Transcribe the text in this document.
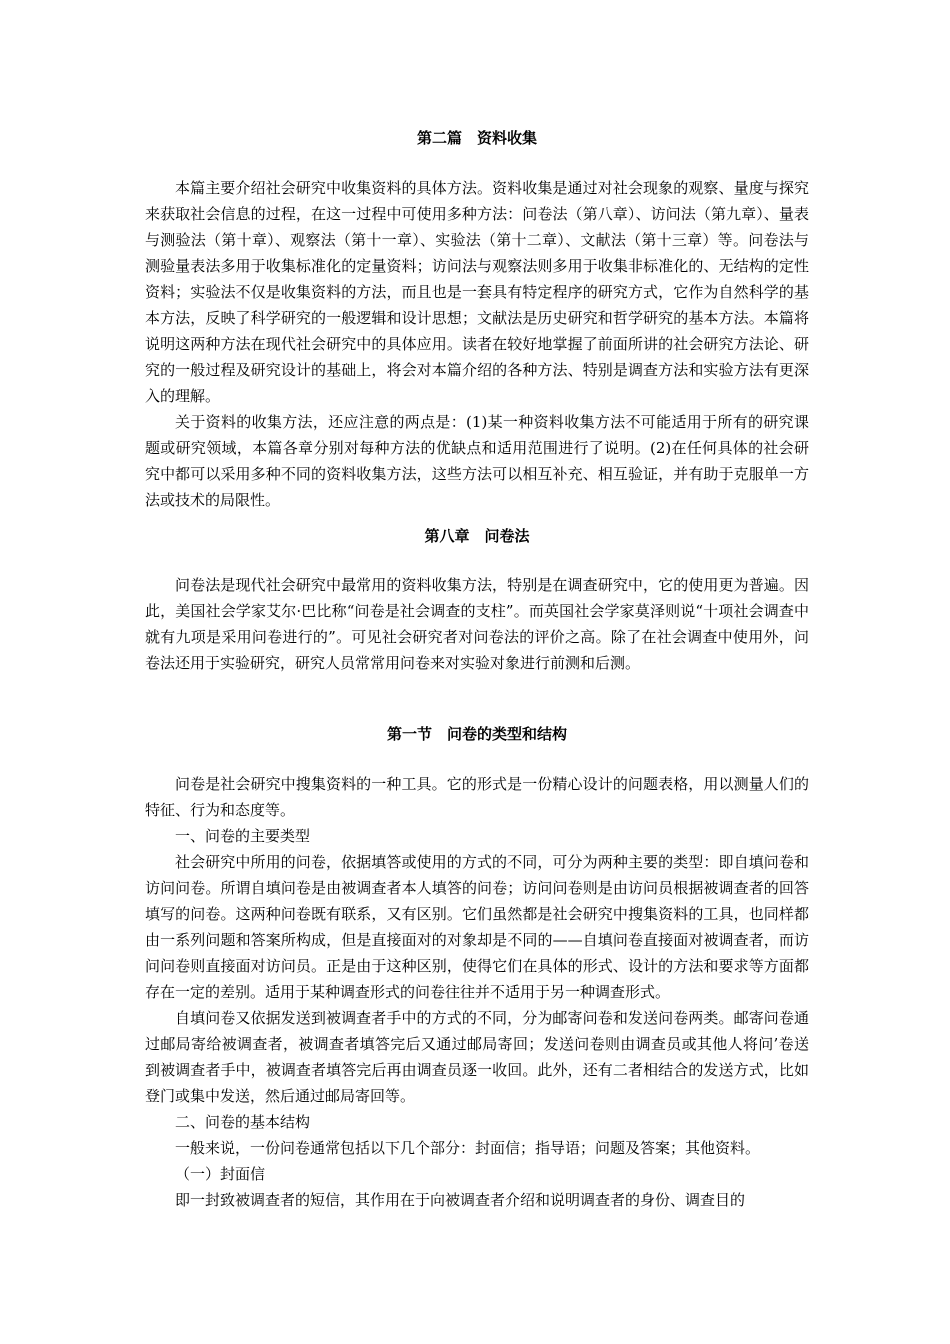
第二篇　资料收集

本篇主要介绍社会研究中收集资料的具体方法。资料收集是通过对社会现象的观察、量度与探究来获取社会信息的过程，在这一过程中可使用多种方法：问卷法（第八章）、访问法（第九章）、量表与测验法（第十章）、观察法（第十一章）、实验法（第十二章）、文献法（第十三章）等。问卷法与测验量表法多用于收集标准化的定量资料；访问法与观察法则多用于收集非标准化的、无结构的定性资料；实验法不仅是收集资料的方法，而且也是一套具有特定程序的研究方式，它作为自然科学的基本方法，反映了科学研究的一般逻辑和设计思想；文献法是历史研究和哲学研究的基本方法。本篇将说明这两种方法在现代社会研究中的具体应用。读者在较好地掌握了前面所讲的社会研究方法论、研究的一般过程及研究设计的基础上，将会对本篇介绍的各种方法、特别是调查方法和实验方法有更深入的理解。

关于资料的收集方法，还应注意的两点是：(1)某一种资料收集方法不可能适用于所有的研究课题或研究领域，本篇各章分别对每种方法的优缺点和适用范围进行了说明。(2)在任何具体的社会研究中都可以采用多种不同的资料收集方法，这些方法可以相互补充、相互验证，并有助于克服单一方法或技术的局限性。

第八章　问卷法

问卷法是现代社会研究中最常用的资料收集方法，特别是在调查研究中，它的使用更为普遍。因此，美国社会学家艾尔·巴比称“问卷是社会调查的支柱”。而英国社会学家莫泽则说“十项社会调查中就有九项是采用问卷进行的”。可见社会研究者对问卷法的评价之高。除了在社会调查中使用外，问卷法还用于实验研究，研究人员常常用问卷来对实验对象进行前测和后测。

第一节　问卷的类型和结构

问卷是社会研究中搜集资料的一种工具。它的形式是一份精心设计的问题表格，用以测量人们的特征、行为和态度等。

一、问卷的主要类型

社会研究中所用的问卷，依据填答或使用的方式的不同，可分为两种主要的类型：即自填问卷和访问问卷。所谓自填问卷是由被调查者本人填答的问卷；访问问卷则是由访问员根据被调查者的回答填写的问卷。这两种问卷既有联系，又有区别。它们虽然都是社会研究中搜集资料的工具，也同样都由一系列问题和答案所构成，但是直接面对的对象却是不同的——自填问卷直接面对被调查者，而访问问卷则直接面对访问员。正是由于这种区别，使得它们在具体的形式、设计的方法和要求等方面都存在一定的差别。适用于某种调查形式的问卷往往并不适用于另一种调查形式。

自填问卷又依据发送到被调查者手中的方式的不同，分为邮寄问卷和发送问卷两类。邮寄问卷通过邮局寄给被调查者，被调查者填答完后又通过邮局寄回；发送问卷则由调查员或其他人将问’卷送到被调查者手中，被调查者填答完后再由调查员逐一收回。此外，还有二者相结合的发送方式，比如登门或集中发送，然后通过邮局寄回等。

二、问卷的基本结构

一般来说，一份问卷通常包括以下几个部分：封面信；指导语；问题及答案；其他资料。

（一）封面信

即一封致被调查者的短信，其作用在于向被调查者介绍和说明调查者的身份、调查目的
